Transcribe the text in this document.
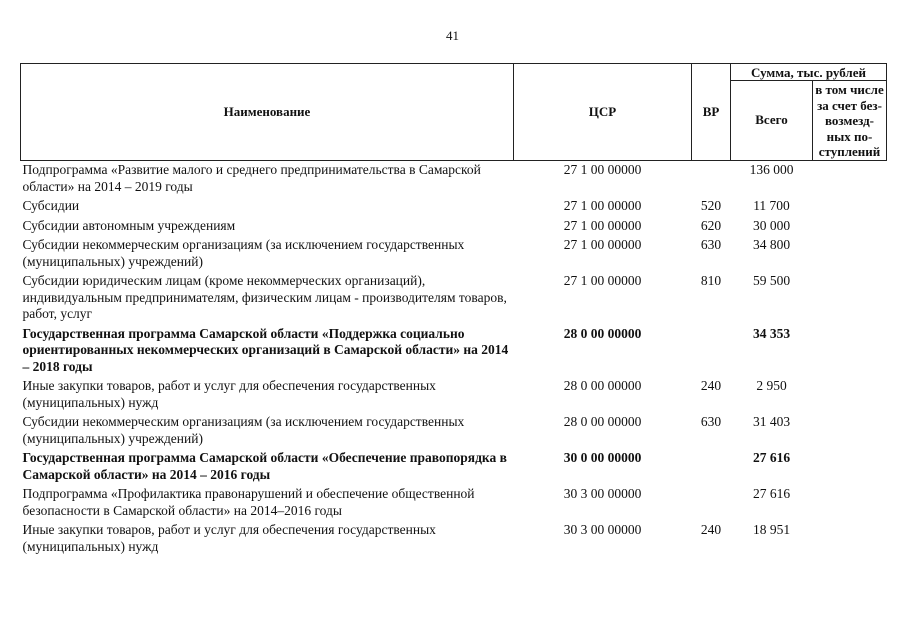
41
Наименование	ЦСР	ВР	Сумма, тыс. рублей	
			Всего	в том числе за счет без-возмезд-ных по-ступлений
Подпрограмма «Развитие малого и среднего предпринимательства в Самарской области» на 2014 – 2019 годы	27 1 00 00000		136 000	
Субсидии	27 1 00 00000	520	11 700	
Субсидии автономным учреждениям	27 1 00 00000	620	30 000	
Субсидии некоммерческим организациям (за исключением государственных (муниципальных) учреждений)	27 1 00 00000	630	34 800	
Субсидии юридическим лицам (кроме некоммерческих организаций), индивидуальным предпринимателям, физическим лицам - производителям товаров, работ, услуг	27 1 00 00000	810	59 500	
Государственная программа Самарской области «Поддержка социально ориентированных некоммерческих организаций в Самарской области» на 2014 – 2018 годы	28 0 00 00000		34 353	
Иные закупки товаров, работ и услуг для обеспечения государственных (муниципальных) нужд	28 0 00 00000	240	2 950	
Субсидии некоммерческим организациям (за исключением государственных (муниципальных) учреждений)	28 0 00 00000	630	31 403	
Государственная программа Самарской области «Обеспечение правопорядка в Самарской области» на 2014 – 2016 годы	30 0 00 00000		27 616	
Подпрограмма «Профилактика правонарушений и обеспечение общественной безопасности в Самарской области» на 2014–2016 годы	30 3 00 00000		27 616	
Иные закупки товаров, работ и услуг для обеспечения государственных (муниципальных) нужд	30 3 00 00000	240	18 951	
